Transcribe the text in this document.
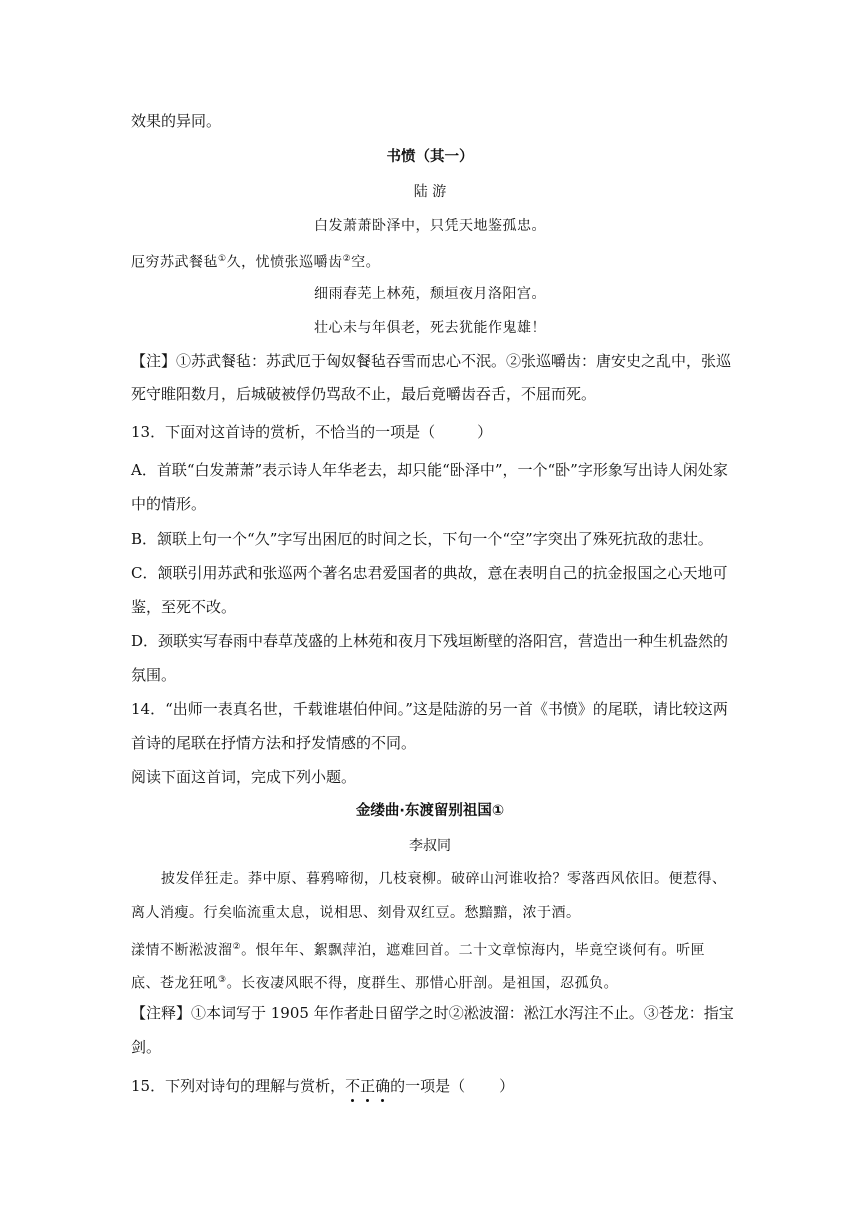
效果的异同。
书愤（其一）
陆 游
白发萧萧卧泽中，只凭天地鉴孤忠。
厄穷苏武餐毡①久，忧愤张巡嚼齿②空。
细雨春芜上林苑，颓垣夜月洛阳宫。
壮心未与年俱老，死去犹能作鬼雄！
【注】①苏武餐毡：苏武厄于匈奴餐毡吞雪而忠心不泯。②张巡嚼齿：唐安史之乱中，张巡
死守睢阳数月，后城破被俘仍骂敌不止，最后竟嚼齿吞舌，不屈而死。
13．下面对这首诗的赏析，不恰当的一项是（	）
A．首联“白发萧萧”表示诗人年华老去，却只能“卧泽中”，一个“卧”字形象写出诗人闲处家
中的情形。
B．颔联上句一个“久”字写出困厄的时间之长，下句一个“空”字突出了殊死抗敌的悲壮。
C．颔联引用苏武和张巡两个著名忠君爱国者的典故，意在表明自己的抗金报国之心天地可
鉴，至死不改。
D．颈联实写春雨中春草茂盛的上林苑和夜月下残垣断壁的洛阳宫，营造出一种生机盎然的
氛围。
14．“出师一表真名世，千载谁堪伯仲间。”这是陆游的另一首《书愤》的尾联，请比较这两
首诗的尾联在抒情方法和抒发情感的不同。
阅读下面这首词，完成下列小题。
金缕曲·东渡留别祖国①
李叔同
披发佯狂走。莽中原、暮鸦啼彻，几枝衰柳。破碎山河谁收拾？零落西风依旧。便惹得、
离人消瘦。行矣临流重太息，说相思、刻骨双红豆。愁黯黯，浓于酒。
漾情不断淞波溜②。恨年年、絮飘萍泊，遮难回首。二十文章惊海内，毕竟空谈何有。听匣
底、苍龙狂吼③。长夜凄风眠不得，度群生、那惜心肝剖。是祖国，忍孤负。
【注释】①本词写于 1905 年作者赴日留学之时②淞波溜：淞江水泻注不止。③苍龙：指宝
剑。
15．下列对诗句的理解与赏析，不正确
的一项是（ ）
